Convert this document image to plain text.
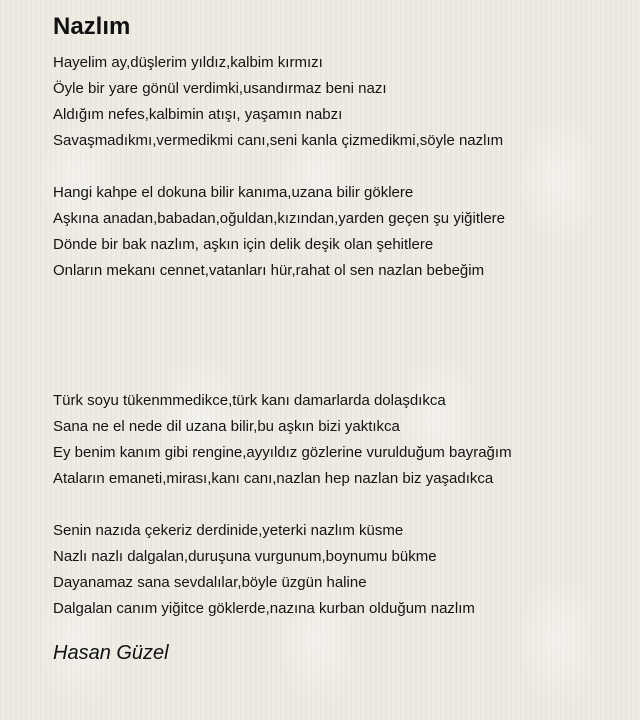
Nazlım
Hayelim ay,düşlerim yıldız,kalbim kırmızı
Öyle bir yare gönül verdimki,usandırmaz beni nazı
Aldığım nefes,kalbimin atışı, yaşamın nabzı
Savaşmadıkmı,vermedikmi canı,seni kanla çizmedikmi,söyle nazlım
Hangi kahpe el dokuna bilir kanıma,uzana bilir göklere
Aşkına anadan,babadan,oğuldan,kızından,yarden geçen şu yiğitlere
Dönde bir bak nazlım, aşkın için delik deşik olan şehitlere
Onların mekanı cennet,vatanları hür,rahat ol sen nazlan bebeğim
Türk soyu tükenmmedikce,türk kanı damarlarda dolaşdıkca
Sana ne el nede dil uzana bilir,bu aşkın bizi yaktıkca
Ey benim kanım gibi rengine,ayyıldız gözlerine vurulduğum bayrağım
Ataların emaneti,mirası,kanı canı,nazlan hep nazlan biz yaşadıkca
Senin nazıda çekeriz derdinide,yeterki nazlım küsme
Nazlı nazlı dalgalan,duruşuna vurgunum,boynumu bükme
Dayanamaz sana sevdalılar,böyle üzgün haline
Dalgalan canım yiğitce göklerde,nazına kurban olduğum nazlım
Hasan Güzel
